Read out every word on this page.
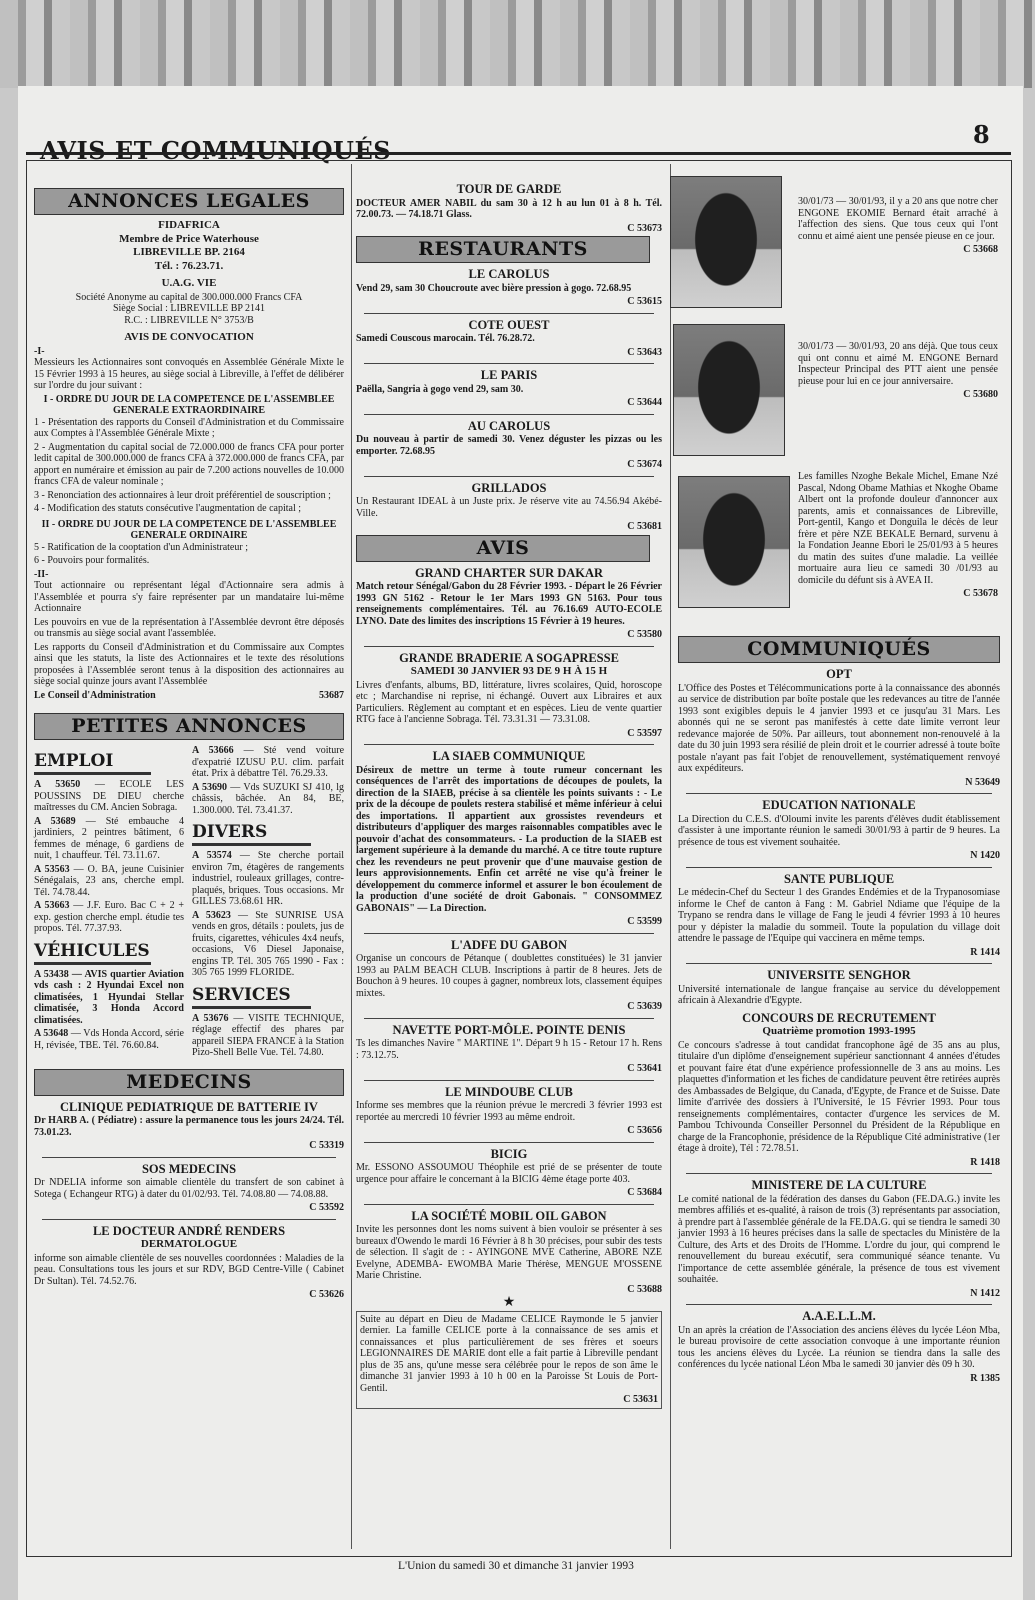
AVIS ET COMMUNIQUÉS
8
ANNONCES LEGALES
FIDAFRICA
Membre de Price Waterhouse
LIBREVILLE BP. 2164
Tél. : 76.23.71.
U.A.G. VIE
Société Anonyme au capital de 300.000.000 Francs CFA
Siège Social : LIBREVILLE BP 2141
R.C. : LIBREVILLE N° 3753/B
AVIS DE CONVOCATION
-I-
Messieurs les Actionnaires sont convoqués en Assemblée Générale Mixte le 15 Février 1993 à 15 heures, au siège social à Libreville, à l'effet de délibérer sur l'ordre du jour suivant :
I - ORDRE DU JOUR DE LA COMPETENCE DE L'ASSEMBLEE GENERALE EXTRAORDINAIRE
1 - Présentation des rapports du Conseil d'Administration et du Commissaire aux Comptes à l'Assemblée Générale Mixte ;
2 - Augmentation du capital social de 72.000.000 de francs CFA pour porter ledit capital de 300.000.000 de francs CFA à 372.000.000 de francs CFA, par apport en numéraire et émission au pair de 7.200 actions nouvelles de 10.000 francs CFA de valeur nominale ;
3 - Renonciation des actionnaires à leur droit préférentiel de souscription ;
4 - Modification des statuts consécutive l'augmentation de capital ;
II - ORDRE DU JOUR DE LA COMPETENCE DE L'ASSEMBLEE GENERALE ORDINAIRE
5 - Ratification de la cooptation d'un Administrateur ;
6 - Pouvoirs pour formalités.
-II-
Tout actionnaire ou représentant légal d'Actionnaire sera admis à l'Assemblée et pourra s'y faire représenter par un mandataire lui-même Actionnaire
Les pouvoirs en vue de la représentation à l'Assemblée devront être déposés ou transmis au siège social avant l'assemblée.
Les rapports du Conseil d'Administration et du Commissaire aux Comptes ainsi que les statuts, la liste des Actionnaires et le texte des résolutions proposées à l'Assemblée seront tenus à la disposition des actionnaires au siège social quinze jours avant l'Assemblée
Le Conseil d'Administration	53687
PETITES ANNONCES
EMPLOI
A 53650 — ECOLE LES POUSSINS DE DIEU cherche maîtresses du CM. Ancien Sobraga.
A 53689 — Sté embauche 4 jardiniers, 2 peintres bâtiment, 6 femmes de ménage, 6 gardiens de nuit, 1 chauffeur. Tél. 73.11.67.
A 53563 — O. BA, jeune Cuisinier Sénégalais, 23 ans, cherche empl. Tél. 74.78.44.
A 53663 — J.F. Euro. Bac C + 2 + exp. gestion cherche empl. étudie tes propos. Tél. 77.37.93.
VÉHICULES
A 53438 — AVIS quartier Aviation vds cash : 2 Hyundai Excel non climatisées, 1 Hyundai Stellar climatisée, 3 Honda Accord climatisées.
A 53648 — Vds Honda Accord, série H, révisée, TBE. Tél. 76.60.84.
A 53666 — Sté vend voiture d'expatrié IZUSU P.U. clim. parfait état. Prix à débattre Tél. 76.29.33.
A 53690 — Vds SUZUKI SJ 410, lg châssis, bâchée. An 84, BE, 1.300.000. Tél. 73.41.37.
DIVERS
A 53574 — Ste cherche portail environ 7m, étagères de rangements industriel, rouleaux grillages, contre-plaqués, briques. Tous occasions. Mr GILLES 73.68.61 HR.
A 53623 — Ste SUNRISE USA vends en gros, détails : poulets, jus de fruits, cigarettes, véhicules 4x4 neufs, occasions, V6 Diesel Japonaise, engins TP. Tél. 305 765 1990 - Fax : 305 765 1999 FLORIDE.
SERVICES
A 53676 — VISITE TECHNIQUE, réglage effectif des phares par appareil SIEPA FRANCE à la Station Pizo-Shell Belle Vue. Tél. 74.80.
MEDECINS
CLINIQUE PEDIATRIQUE DE BATTERIE IV
Dr HARB A. ( Pédiatre) : assure la permanence tous les jours 24/24. Tél. 73.01.23.
C 53319
SOS MEDECINS
Dr NDELIA informe son aimable clientèle du transfert de son cabinet à Sotega ( Echangeur RTG) à dater du 01/02/93. Tél. 74.08.80 — 74.08.88.
C 53592
LE DOCTEUR ANDRÉ RENDERS
DERMATOLOGUE
informe son aimable clientèle de ses nouvelles coordonnées : Maladies de la peau. Consultations tous les jours et sur RDV, BGD Centre-Ville ( Cabinet Dr Sultan). Tél. 74.52.76.
C 53626
TOUR DE GARDE
DOCTEUR AMER NABIL du sam 30 à 12 h au lun 01 à 8 h. Tél. 72.00.73. — 74.18.71 Glass.
C 53673
RESTAURANTS
LE CAROLUS
Vend 29, sam 30 Choucroute avec bière pression à gogo. 72.68.95
C 53615
COTE OUEST
Samedi Couscous marocain. Tél. 76.28.72.
C 53643
LE PARIS
Paëlla, Sangria à gogo vend 29, sam 30.
C 53644
AU CAROLUS
Du nouveau à partir de samedi 30. Venez déguster les pizzas ou les emporter. 72.68.95
C 53674
GRILLADOS
Un Restaurant IDEAL à un Juste prix. Je réserve vite au 74.56.94 Akébé-Ville.
C 53681
AVIS
GRAND CHARTER SUR DAKAR
Match retour Sénégal/Gabon du 28 Février 1993. - Départ le 26 Février 1993 GN 5162 - Retour le 1er Mars 1993 GN 5163. Pour tous renseignements complémentaires. Tél. au 76.16.69 AUTO-ECOLE LYNO. Date des limites des inscriptions 15 Février à 19 heures.
C 53580
GRANDE BRADERIE A SOGAPRESSE
SAMEDI 30 JANVIER 93 DE 9 H À 15 H
Livres d'enfants, albums, BD, littérature, livres scolaires, Quid, horoscope etc ; Marchandise ni reprise, ni échangé. Ouvert aux Libraires et aux Particuliers. Règlement au comptant et en espèces. Lieu de vente quartier RTG face à l'ancienne Sobraga. Tél. 73.31.31 — 73.31.08.
C 53597
LA SIAEB COMMUNIQUE
Désireux de mettre un terme à toute rumeur concernant les conséquences de l'arrêt des importations de découpes de poulets, la direction de la SIAEB, précise à sa clientèle les points suivants : - Le prix de la découpe de poulets restera stabilisé et même inférieur à celui des importations. Il appartient aux grossistes revendeurs et distributeurs d'appliquer des marges raisonnables compatibles avec le pouvoir d'achat des consommateurs. - La production de la SIAEB est largement supérieure à la demande du marché. A ce titre toute rupture chez les revendeurs ne peut provenir que d'une mauvaise gestion de leurs approvisionnements. Enfin cet arrêté ne vise qu'à freiner le développement du commerce informel et assurer le bon écoulement de la production d'une société de droit Gabonais. " CONSOMMEZ GABONAIS" — La Direction.
C 53599
L'ADFE DU GABON
Organise un concours de Pétanque ( doublettes constituées) le 31 janvier 1993 au PALM BEACH CLUB. Inscriptions à partir de 8 heures. Jets de Bouchon à 9 heures. 10 coupes à gagner, nombreux lots, classement équipes mixtes.
C 53639
NAVETTE PORT-MÔLE. POINTE DENIS
Ts les dimanches Navire " MARTINE 1". Départ 9 h 15 - Retour 17 h. Rens : 73.12.75.
C 53641
LE MINDOUBE CLUB
Informe ses membres que la réunion prévue le mercredi 3 février 1993 est reportée au mercredi 10 février 1993 au même endroit.
C 53656
BICIG
Mr. ESSONO ASSOUMOU Théophile est prié de se présenter de toute urgence pour affaire le concernant à la BICIG 4ème étage porte 403.
C 53684
LA SOCIÉTÉ MOBIL OIL GABON
Invite les personnes dont les noms suivent à bien vouloir se présenter à ses bureaux d'Owendo le mardi 16 Février à 8 h 30 précises, pour subir des tests de sélection. Il s'agit de : - AYINGONE MVE Catherine, ABORE NZE Evelyne, ADEMBA- EWOMBA Marie Thérèse, MENGUE M'OSSENE Marie Christine.
C 53688
★
Suite au départ en Dieu de Madame CELICE Raymonde le 5 janvier dernier. La famille CELICE porte à la connaissance de ses amis et connaissances et plus particulièrement de ses frères et soeurs LEGIONNAIRES DE MARIE dont elle a fait partie à Libreville pendant plus de 35 ans, qu'une messe sera célébrée pour le repos de son âme le dimanche 31 janvier 1993 à 10 h 00 en la Paroisse St Louis de Port-Gentil.
C 53631
30/01/73 — 30/01/93, il y a 20 ans que notre cher ENGONE EKOMIE Bernard était arraché à l'affection des siens. Que tous ceux qui l'ont connu et aimé aient une pensée pieuse en ce jour.
C 53668
30/01/73 — 30/01/93, 20 ans déjà. Que tous ceux qui ont connu et aimé M. ENGONE Bernard Inspecteur Principal des PTT aient une pensée pieuse pour lui en ce jour anniversaire.
C 53680
Les familles Nzoghe Bekale Michel, Emane Nzé Pascal, Ndong Obame Mathias et Nkoghe Obame Albert ont la profonde douleur d'annoncer aux parents, amis et connaissances de Libreville, Port-gentil, Kango et Donguila le décès de leur frère et père NZE BEKALE Bernard, survenu à la Fondation Jeanne Ebori le 25/01/93 à 5 heures du matin des suites d'une maladie. La veillée mortuaire aura lieu ce samedi 30 /01/93 au domicile du défunt sis à AVEA II.
C 53678
COMMUNIQUÉS
OPT
L'Office des Postes et Télécommunications porte à la connaissance des abonnés au service de distribution par boîte postale que les redevances au titre de l'année 1993 sont exigibles depuis le 4 janvier 1993 et ce jusqu'au 31 Mars. Les abonnés qui ne se seront pas manifestés à cette date limite verront leur redevance majorée de 50%. Par ailleurs, tout abonnement non-renouvelé à la date du 30 juin 1993 sera résilié de plein droit et le courrier adressé à toute boîte postale n'ayant pas fait l'objet de renouvellement, systématiquement renvoyé aux expéditeurs.
N 53649
EDUCATION NATIONALE
La Direction du C.E.S. d'Oloumi invite les parents d'élèves dudit établissement d'assister à une importante réunion le samedi 30/01/93 à partir de 9 heures. La présence de tous est vivement souhaitée.
N 1420
SANTE PUBLIQUE
Le médecin-Chef du Secteur 1 des Grandes Endémies et de la Trypanosomiase informe le Chef de canton à Fang : M. Gabriel Ndiame que l'équipe de la Trypano se rendra dans le village de Fang le jeudi 4 février 1993 à 10 heures pour y dépister la maladie du sommeil. Toute la population du village doit attendre le passage de l'Equipe qui vaccinera en même temps.
R 1414
UNIVERSITE SENGHOR
Université internationale de langue française au service du développement africain à Alexandrie d'Egypte.
CONCOURS DE RECRUTEMENT
Quatrième promotion 1993-1995
Ce concours s'adresse à tout candidat francophone âgé de 35 ans au plus, titulaire d'un diplôme d'enseignement supérieur sanctionnant 4 années d'études et pouvant faire état d'une expérience professionnelle de 3 ans au moins. Les plaquettes d'information et les fiches de candidature peuvent être retirées auprès des Ambassades de Belgique, du Canada, d'Egypte, de France et de Suisse. Date limite d'arrivée des dossiers à l'Université, le 15 Février 1993. Pour tous renseignements complémentaires, contacter d'urgence les services de M. Pambou Tchivounda Conseiller Personnel du Président de la République en charge de la Francophonie, présidence de la République Cité administrative (1er étage à droite), Tél : 72.78.51.
R 1418
MINISTERE DE LA CULTURE
Le comité national de la fédération des danses du Gabon (FE.DA.G.) invite les membres affiliés et es-qualité, à raison de trois (3) représentants par association, à prendre part à l'assemblée générale de la FE.DA.G. qui se tiendra le samedi 30 janvier 1993 à 16 heures précises dans la salle de spectacles du Ministère de la Culture, des Arts et des Droits de l'Homme. L'ordre du jour, qui comprend le renouvellement du bureau exécutif, sera communiqué séance tenante. Vu l'importance de cette assemblée générale, la présence de tous est vivement souhaitée.
N 1412
A.A.E.L.L.M.
Un an après la création de l'Association des anciens élèves du lycée Léon Mba, le bureau provisoire de cette association convoque à une importante réunion tous les anciens élèves du Lycée. La réunion se tiendra dans la salle des conférences du lycée national Léon Mba le samedi 30 janvier dès 09 h 30.
R 1385
L'Union du samedi 30 et dimanche 31 janvier 1993
